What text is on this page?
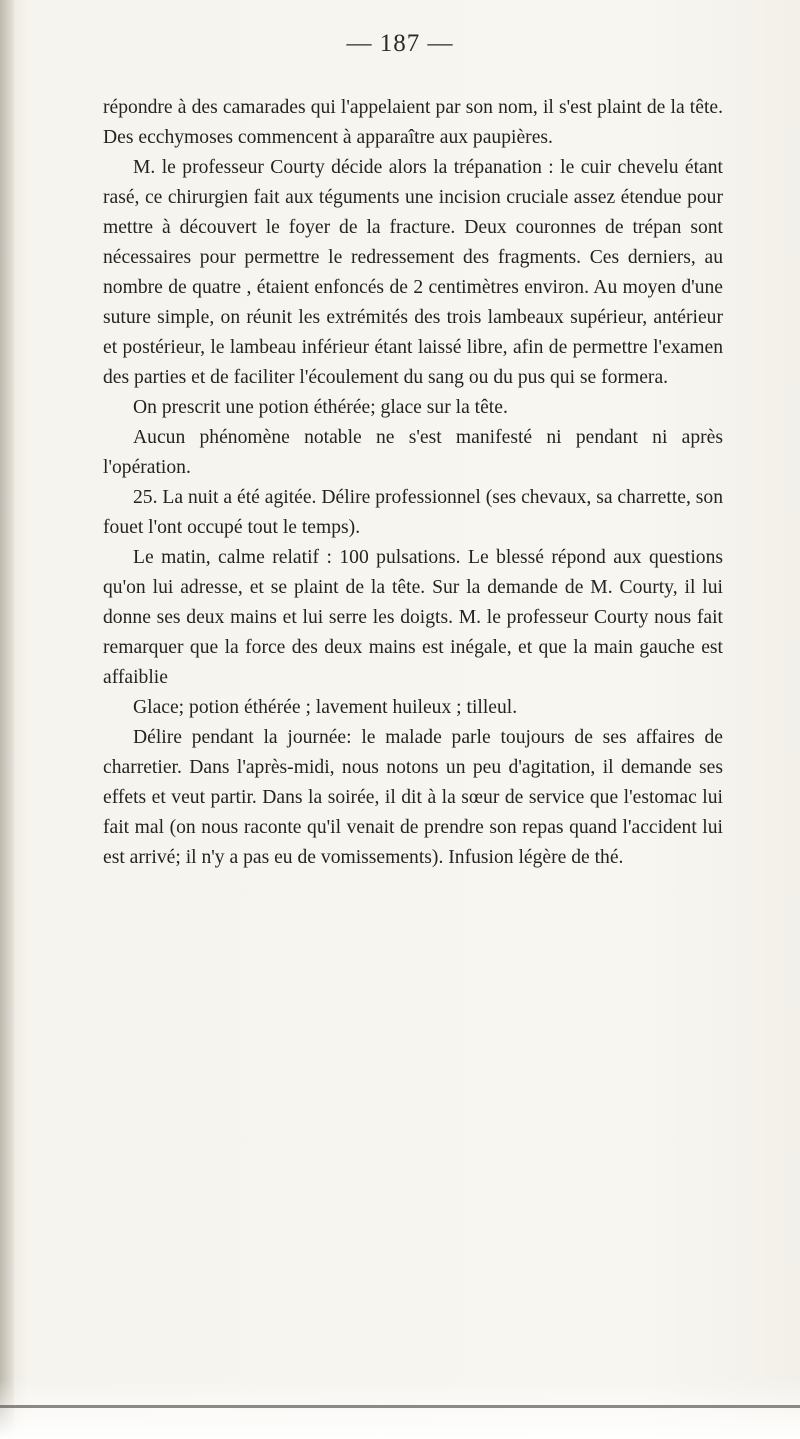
— 187 —

répondre à des camarades qui l'appelaient par son nom, il s'est plaint de la tête. Des ecchymoses commencent à apparaître aux paupières.

M. le professeur Courty décide alors la trépanation : le cuir chevelu étant rasé, ce chirurgien fait aux téguments une incision cruciale assez étendue pour mettre à découvert le foyer de la fracture. Deux couronnes de trépan sont nécessaires pour permettre le redressement des fragments. Ces derniers, au nombre de quatre , étaient enfoncés de 2 centimètres environ. Au moyen d'une suture simple, on réunit les extrémités des trois lambeaux supérieur, antérieur et postérieur, le lambeau inférieur étant laissé libre, afin de permettre l'examen des parties et de faciliter l'écoulement du sang ou du pus qui se formera.

On prescrit une potion éthérée; glace sur la tête.

Aucun phénomène notable ne s'est manifesté ni pendant ni après l'opération.

25. La nuit a été agitée. Délire professionnel (ses chevaux, sa charrette, son fouet l'ont occupé tout le temps).

Le matin, calme relatif : 100 pulsations. Le blessé répond aux questions qu'on lui adresse, et se plaint de la tête. Sur la demande de M. Courty, il lui donne ses deux mains et lui serre les doigts. M. le professeur Courty nous fait remarquer que la force des deux mains est inégale, et que la main gauche est affaiblie

Glace; potion éthérée ; lavement huileux ; tilleul.

Délire pendant la journée: le malade parle toujours de ses affaires de charretier. Dans l'après-midi, nous notons un peu d'agitation, il demande ses effets et veut partir. Dans la soirée, il dit à la sœur de service que l'estomac lui fait mal (on nous raconte qu'il venait de prendre son repas quand l'accident lui est arrivé; il n'y a pas eu de vomissements). Infusion légère de thé.
